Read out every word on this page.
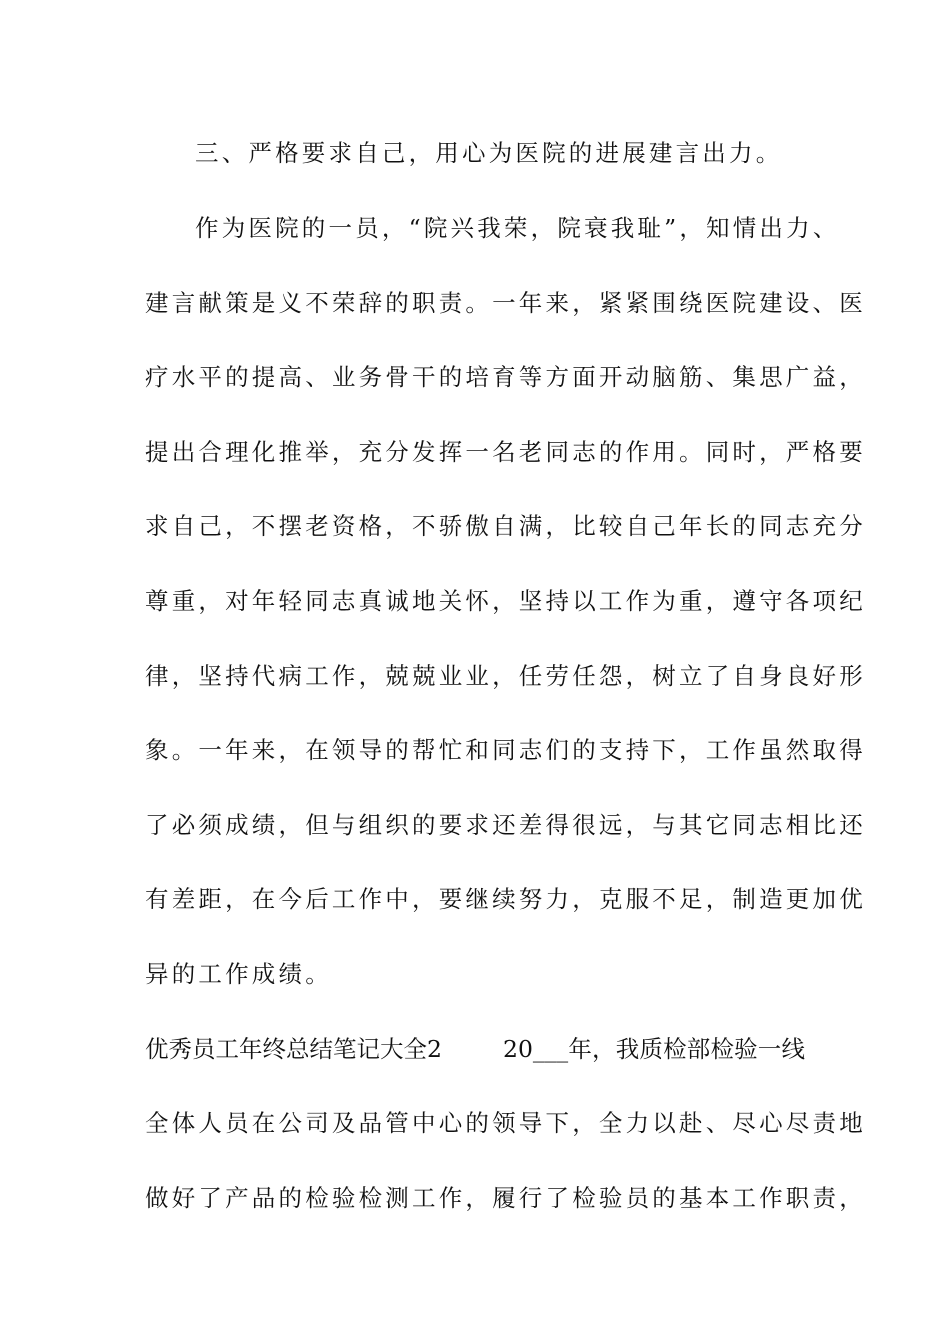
三、严格要求自己，用心为医院的进展建言出力。
作为医院的一员，“院兴我荣，院衰我耻”，知情出力、
建言献策是义不荣辞的职责。一年来，紧紧围绕医院建设、医
疗水平的提高、业务骨干的培育等方面开动脑筋、集思广益，
提出合理化推举，充分发挥一名老同志的作用。同时，严格要
求自己，不摆老资格，不骄傲自满，比较自己年长的同志充分
尊重，对年轻同志真诚地关怀，坚持以工作为重，遵守各项纪
律，坚持代病工作，兢兢业业，任劳任怨，树立了自身良好形
象。一年来，在领导的帮忙和同志们的支持下，工作虽然取得
了必须成绩，但与组织的要求还差得很远，与其它同志相比还
有差距，在今后工作中，要继续努力，克服不足，制造更加优
异的工作成绩。
优秀员工年终总结笔记大全2	20___年，我质检部检验一线
全体人员在公司及品管中心的领导下，全力以赴、尽心尽责地
做好了产品的检验检测工作，履行了检验员的基本工作职责，
